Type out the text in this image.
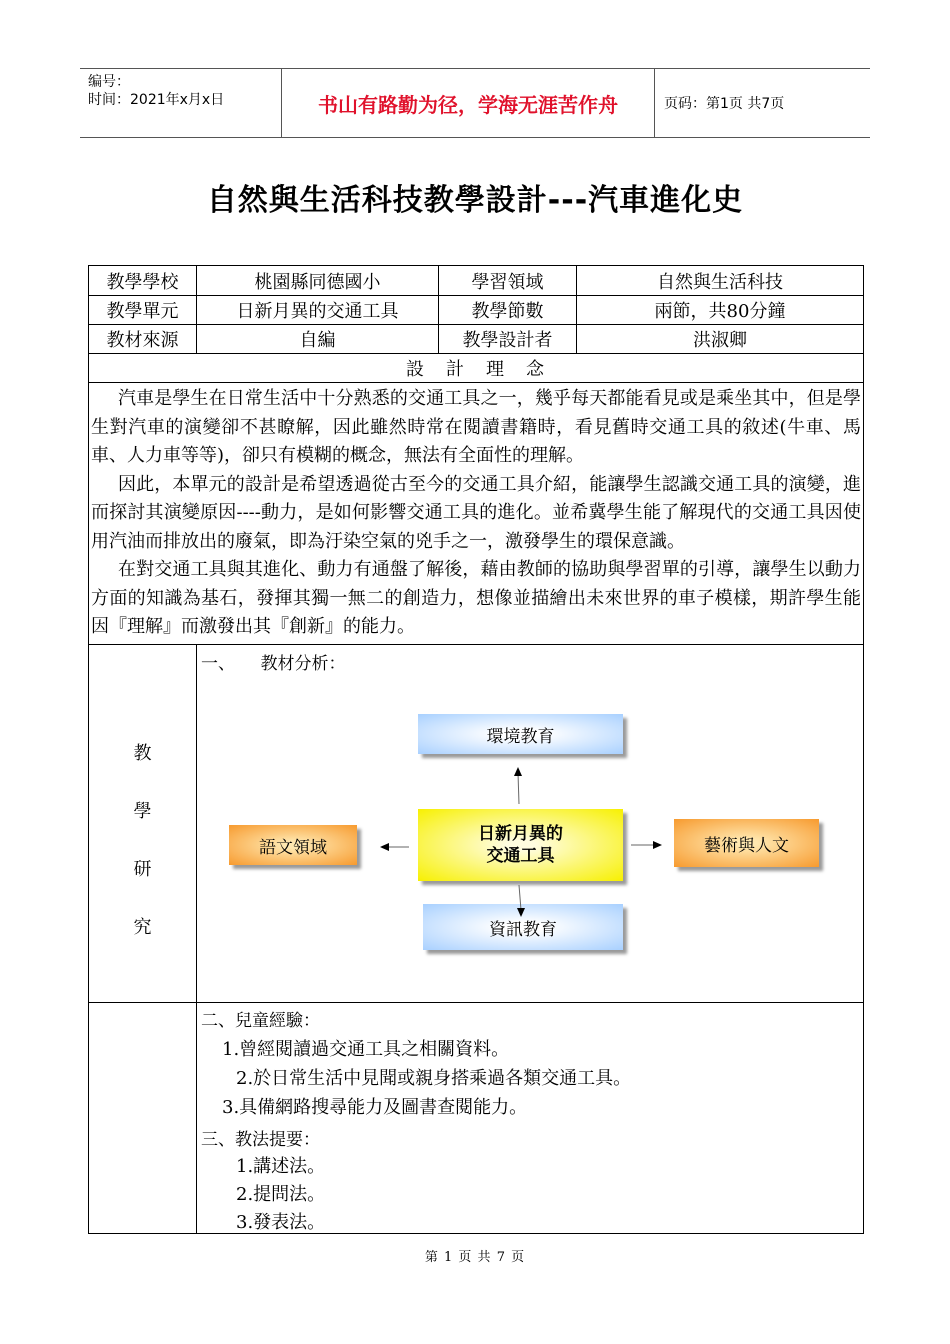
编号：
时间：2021年x月x日	书山有路勤为径，学海无涯苦作舟	页码：第1页 共7页
自然與生活科技教學設計---汽車進化史
教學學校	桃園縣同德國小	學習領域	自然與生活科技
教學單元	日新月異的交通工具	教學節數	兩節，共80分鐘
教材來源	自編	教學設計者	洪淑卿
設　計　理　念

汽車是學生在日常生活中十分熟悉的交通工具之一，幾乎每天都能看見或是乘坐其中，但是學生對汽車的演變卻不甚瞭解，因此雖然時常在閱讀書籍時，看見舊時交通工具的敘述(牛車、馬車、人力車等等)，卻只有模糊的概念，無法有全面性的理解。

因此，本單元的設計是希望透過從古至今的交通工具介紹，能讓學生認識交通工具的演變，進而探討其演變原因----動力，是如何影響交通工具的進化。並希冀學生能了解現代的交通工具因使用汽油而排放出的廢氣，即為汙染空氣的兇手之一，激發學生的環保意識。

在對交通工具與其進化、動力有通盤了解後，藉由教師的協助與學習單的引導，讓學生以動力方面的知識為基石，發揮其獨一無二的創造力，想像並描繪出未來世界的車子模樣，期許學生能因『理解』而激發出其『創新』的能力。

教
學
研
究
一、　　教材分析：
環境教育
日新月異的
交通工具
語文領域	藝術與人文
資訊教育
二、兒童經驗：
1.曾經閱讀過交通工具之相關資料。
2.於日常生活中見聞或親身搭乘過各類交通工具。
3.具備網路搜尋能力及圖書查閱能力。
三、教法提要：
1.講述法。
2.提問法。
3.發表法。
第 1 页 共 7 页
